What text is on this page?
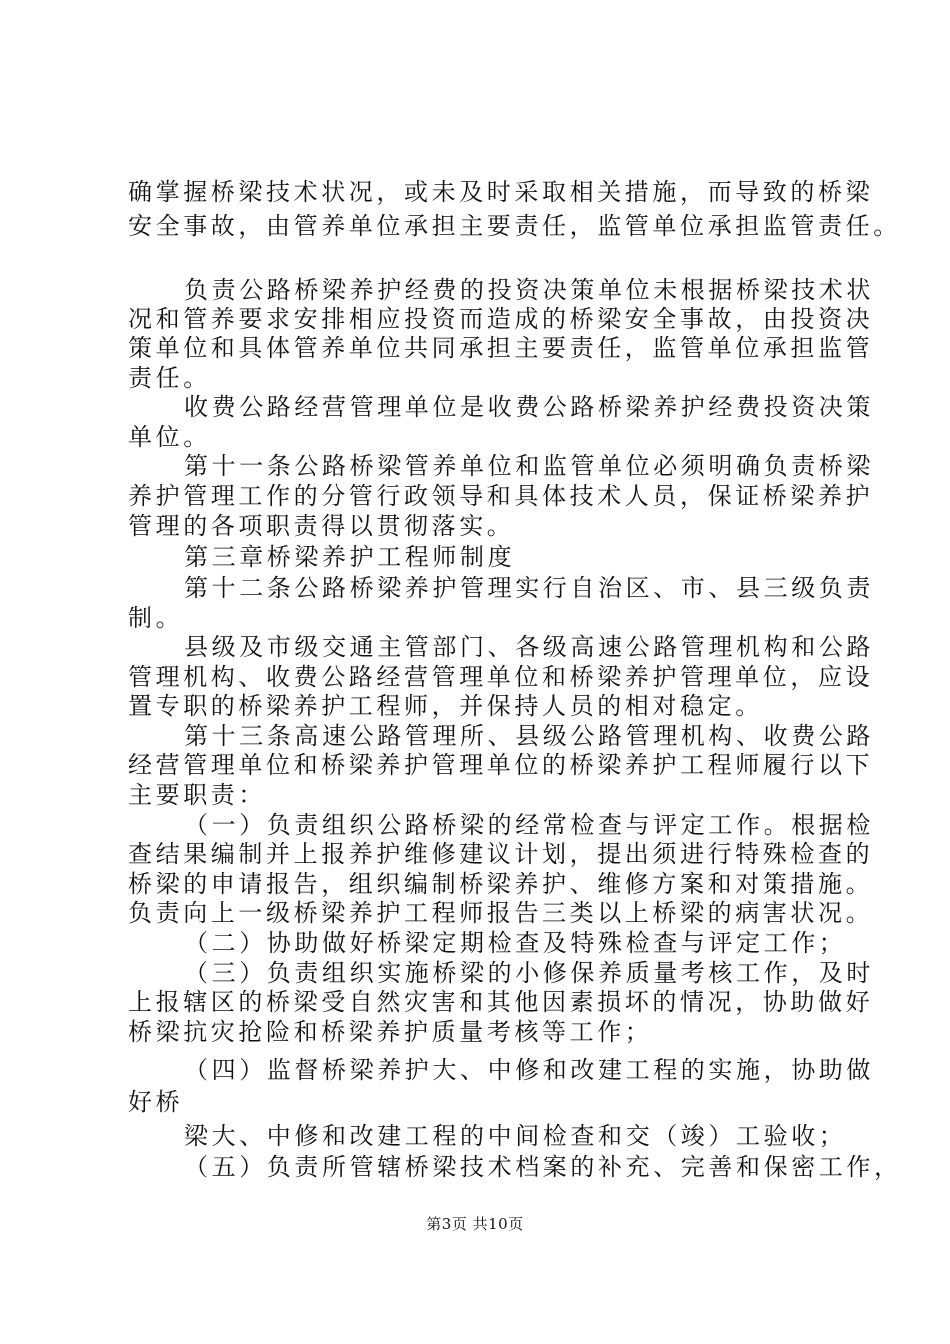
确掌握桥梁技术状况，或未及时采取相关措施，而导致的桥梁
安全事故，由管养单位承担主要责任，监管单位承担监管责任。
负责公路桥梁养护经费的投资决策单位未根据桥梁技术状
况和管养要求安排相应投资而造成的桥梁安全事故，由投资决
策单位和具体管养单位共同承担主要责任，监管单位承担监管
责任。
收费公路经营管理单位是收费公路桥梁养护经费投资决策
单位。
第十一条公路桥梁管养单位和监管单位必须明确负责桥梁
养护管理工作的分管行政领导和具体技术人员，保证桥梁养护
管理的各项职责得以贯彻落实。
第三章桥梁养护工程师制度
第十二条公路桥梁养护管理实行自治区、市、县三级负责
制。
县级及市级交通主管部门、各级高速公路管理机构和公路
管理机构、收费公路经营管理单位和桥梁养护管理单位，应设
置专职的桥梁养护工程师，并保持人员的相对稳定。
第十三条高速公路管理所、县级公路管理机构、收费公路
经营管理单位和桥梁养护管理单位的桥梁养护工程师履行以下
主要职责：
（一）负责组织公路桥梁的经常检查与评定工作。根据检
查结果编制并上报养护维修建议计划，提出须进行特殊检查的
桥梁的申请报告，组织编制桥梁养护、维修方案和对策措施。
负责向上一级桥梁养护工程师报告三类以上桥梁的病害状况。
（二）协助做好桥梁定期检查及特殊检查与评定工作；
（三）负责组织实施桥梁的小修保养质量考核工作，及时
上报辖区的桥梁受自然灾害和其他因素损坏的情况，协助做好
桥梁抗灾抢险和桥梁养护质量考核等工作；
（四）监督桥梁养护大、中修和改建工程的实施，协助做
好桥
梁大、中修和改建工程的中间检查和交（竣）工验收；
（五）负责所管辖桥梁技术档案的补充、完善和保密工作，
第3页 共10页
